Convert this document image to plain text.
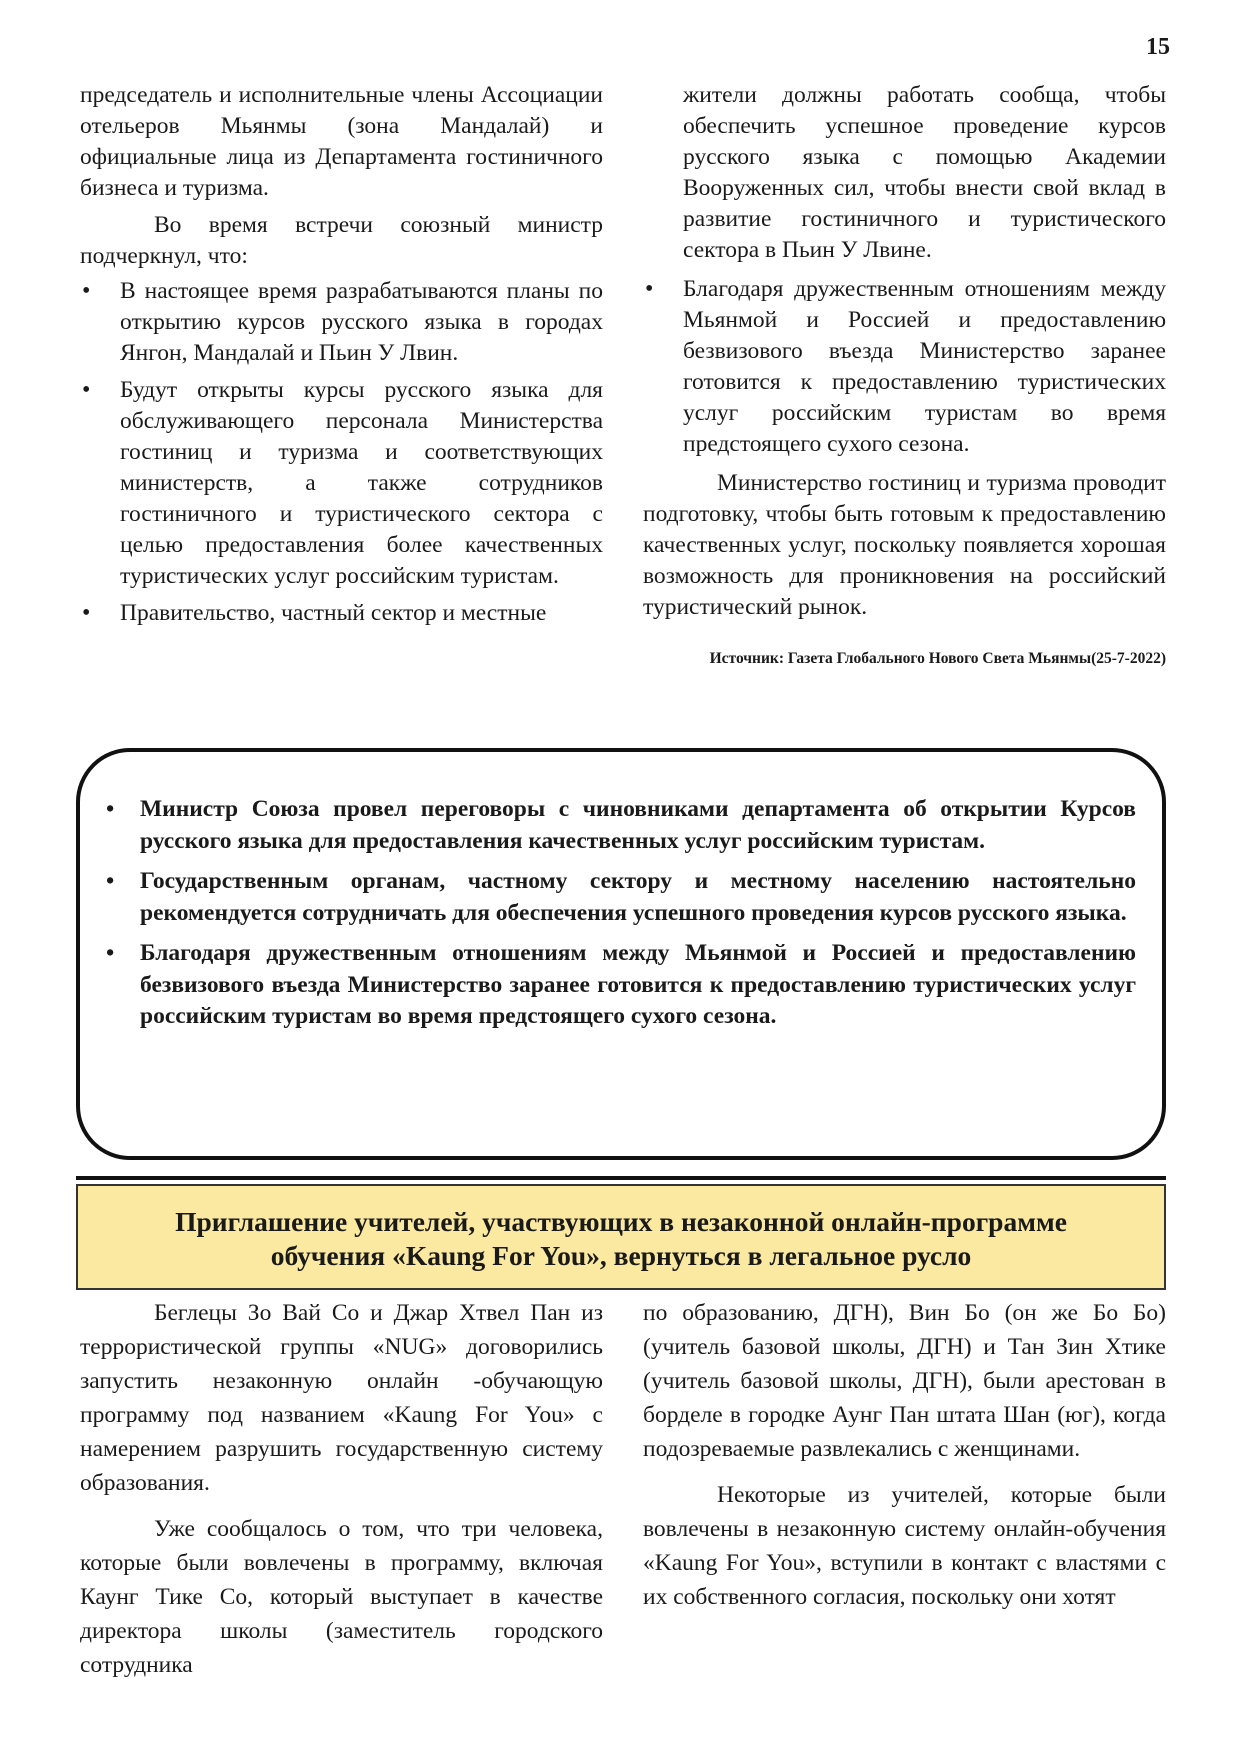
15

председатель и исполнительные члены Ассоциации отельеров Мьянмы (зона Мандалай) и официальные лица из Департамента гостиничного бизнеса и туризма.

Во время встречи союзный министр подчеркнул, что:

• В настоящее время разрабатываются планы по открытию курсов русского языка в городах Янгон, Мандалай и Пьин У Лвин.
• Будут открыты курсы русского языка для обслуживающего персонала Министерства гостиниц и туризма и соответствующих министерств, а также сотрудников гостиничного и туристического сектора с целью предоставления более качественных туристических услуг российским туристам.
• Правительство, частный сектор и местные

жители должны работать сообща, чтобы обеспечить успешное проведение курсов русского языка с помощью Академии Вооруженных сил, чтобы внести свой вклад в развитие гостиничного и туристического сектора в Пьин У Лвине.

• Благодаря дружественным отношениям между Мьянмой и Россией и предоставлению безвизового въезда Министерство заранее готовится к предоставлению туристических услуг российским туристам во время предстоящего сухого сезона.

Министерство гостиниц и туризма проводит подготовку, чтобы быть готовым к предоставлению качественных услуг, поскольку появляется хорошая возможность для проникновения на российский туристический рынок.

Источник: Газета Глобального Нового Света Мьянмы(25-7-2022)
• Министр Союза провел переговоры с чиновниками департамента об открытии Курсов русского языка для предоставления качественных услуг российским туристам.
• Государственным органам, частному сектору и местному населению настоятельно рекомендуется сотрудничать для обеспечения успешного проведения курсов русского языка.
• Благодаря дружественным отношениям между Мьянмой и Россией и предоставлению безвизового въезда Министерство заранее готовится к предоставлению туристических услуг российским туристам во время предстоящего сухого сезона.
Приглашение учителей, участвующих в незаконной онлайн-программе
обучения «Kaung For You», вернуться в легальное русло

Беглецы Зо Вай Со и Джар Хтвел Пан из террористической группы «NUG» договорились запустить незаконную онлайн -обучающую программу под названием «Kaung For You» с намерением разрушить государственную систему образования.

Уже сообщалось о том, что три человека, которые были вовлечены в программу, включая Каунг Тике Со, который выступает в качестве директора школы (заместитель городского сотрудника

по образованию, ДГН), Вин Бо (он же Бо Бо) (учитель базовой школы, ДГН) и Тан Зин Хтике (учитель базовой школы, ДГН), были арестован в борделе в городке Аунг Пан штата Шан (юг), когда подозреваемые развлекались с женщинами.

Некоторые из учителей, которые были вовлечены в незаконную систему онлайн-обучения «Kaung For You», вступили в контакт с властями с их собственного согласия, поскольку они хотят
